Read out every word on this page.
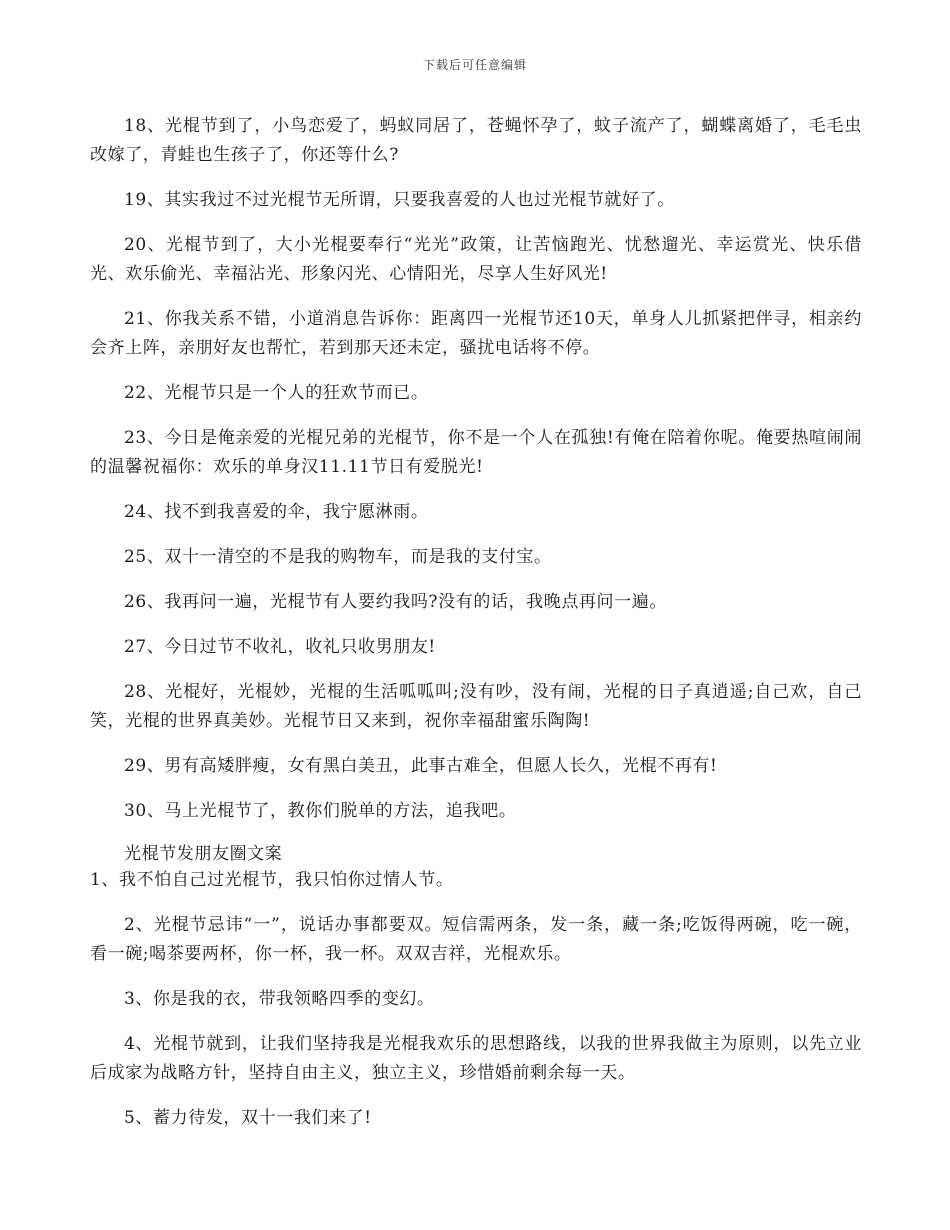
下载后可任意编辑

18、光棍节到了，小鸟恋爱了，蚂蚁同居了，苍蝇怀孕了，蚊子流产了，蝴蝶离婚了，毛毛虫改嫁了，青蛙也生孩子了，你还等什么?

19、其实我过不过光棍节无所谓，只要我喜爱的人也过光棍节就好了。

20、光棍节到了，大小光棍要奉行“光光”政策，让苦恼跑光、忧愁遛光、幸运赏光、快乐借光、欢乐偷光、幸福沾光、形象闪光、心情阳光，尽享人生好风光!

21、你我关系不错，小道消息告诉你：距离四一光棍节还10天，单身人儿抓紧把伴寻，相亲约会齐上阵，亲朋好友也帮忙，若到那天还未定，骚扰电话将不停。

22、光棍节只是一个人的狂欢节而已。

23、今日是俺亲爱的光棍兄弟的光棍节，你不是一个人在孤独!有俺在陪着你呢。俺要热喧闹闹的温馨祝福你：欢乐的单身汉11.11节日有爱脱光!

24、找不到我喜爱的伞，我宁愿淋雨。

25、双十一清空的不是我的购物车，而是我的支付宝。

26、我再问一遍，光棍节有人要约我吗?没有的话，我晚点再问一遍。

27、今日过节不收礼，收礼只收男朋友!

28、光棍好，光棍妙，光棍的生活呱呱叫;没有吵，没有闹，光棍的日子真逍遥;自己欢，自己笑，光棍的世界真美妙。光棍节日又来到，祝你幸福甜蜜乐陶陶!

29、男有高矮胖瘦，女有黑白美丑，此事古难全，但愿人长久，光棍不再有!

30、马上光棍节了，教你们脱单的方法，追我吧。

光棍节发朋友圈文案

1、我不怕自己过光棍节，我只怕你过情人节。

2、光棍节忌讳“一”，说话办事都要双。短信需两条，发一条，藏一条;吃饭得两碗，吃一碗，看一碗;喝茶要两杯，你一杯，我一杯。双双吉祥，光棍欢乐。

3、你是我的衣，带我领略四季的变幻。

4、光棍节就到，让我们坚持我是光棍我欢乐的思想路线，以我的世界我做主为原则，以先立业后成家为战略方针，坚持自由主义，独立主义，珍惜婚前剩余每一天。

5、蓄力待发，双十一我们来了!
